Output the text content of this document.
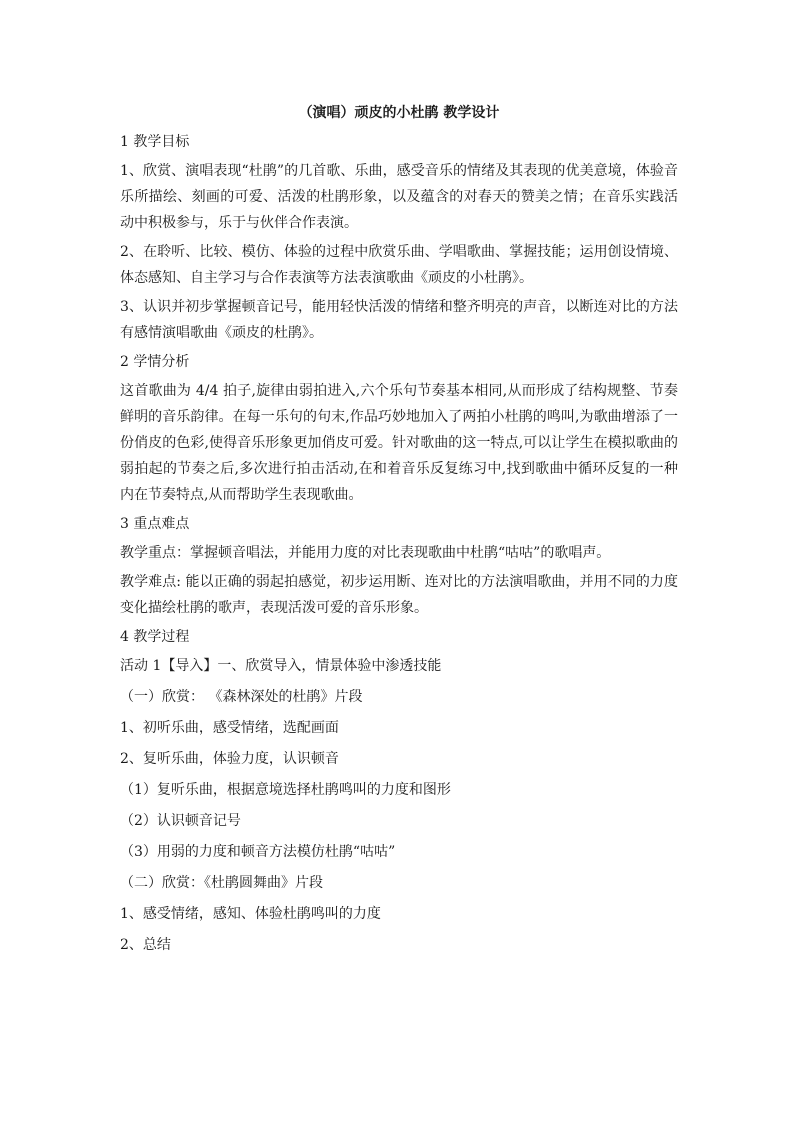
（演唱）顽皮的小杜鹃 教学设计
1 教学目标
1、欣赏、演唱表现“杜鹃”的几首歌、乐曲，感受音乐的情绪及其表现的优美意境，体验音乐所描绘、刻画的可爱、活泼的杜鹃形象，以及蕴含的对春天的赞美之情；在音乐实践活动中积极参与，乐于与伙伴合作表演。
2、在聆听、比较、模仿、体验的过程中欣赏乐曲、学唱歌曲、掌握技能；运用创设情境、体态感知、自主学习与合作表演等方法表演歌曲《顽皮的小杜鹃》。
3、认识并初步掌握顿音记号，能用轻快活泼的情绪和整齐明亮的声音，以断连对比的方法有感情演唱歌曲《顽皮的杜鹃》。
2 学情分析
这首歌曲为 4/4 拍子,旋律由弱拍进入,六个乐句节奏基本相同,从而形成了结构规整、节奏鲜明的音乐韵律。在每一乐句的句末,作品巧妙地加入了两拍小杜鹃的鸣叫,为歌曲增添了一份俏皮的色彩,使得音乐形象更加俏皮可爱。针对歌曲的这一特点,可以让学生在模拟歌曲的弱拍起的节奏之后,多次进行拍击活动,在和着音乐反复练习中,找到歌曲中循环反复的一种内在节奏特点,从而帮助学生表现歌曲。
3 重点难点
教学重点：掌握顿音唱法，并能用力度的对比表现歌曲中杜鹃“咕咕”的歌唱声。
教学难点: 能以正确的弱起拍感觉，初步运用断、连对比的方法演唱歌曲，并用不同的力度变化描绘杜鹃的歌声，表现活泼可爱的音乐形象。
4 教学过程
活动 1【导入】一、欣赏导入，情景体验中渗透技能
（一）欣赏： 《森林深处的杜鹃》片段
1、初听乐曲，感受情绪，选配画面
2、复听乐曲，体验力度，认识顿音
（1）复听乐曲，根据意境选择杜鹃鸣叫的力度和图形
（2）认识顿音记号
（3）用弱的力度和顿音方法模仿杜鹃“咕咕”
（二）欣赏：《杜鹃圆舞曲》片段
1、感受情绪，感知、体验杜鹃鸣叫的力度
2、总结
